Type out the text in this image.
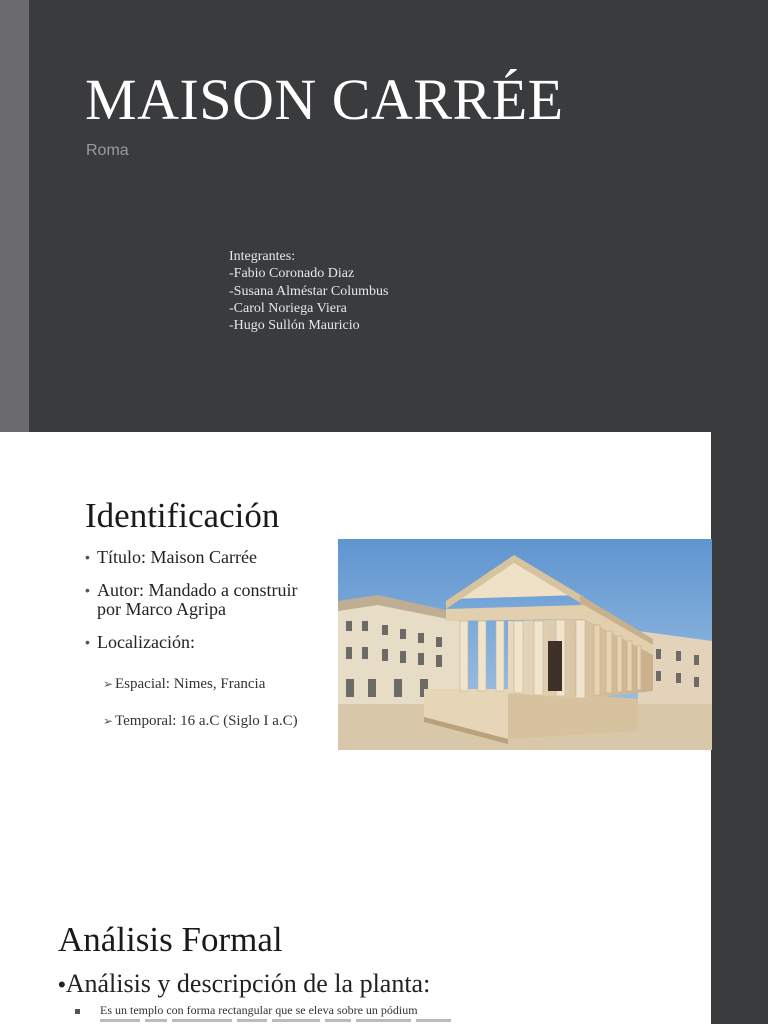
MAISON CARRÉE
Roma
Integrantes:
-Fabio Coronado Diaz
-Susana Alméstar Columbus
-Carol Noriega Viera
-Hugo Sullón Mauricio
Identificación
• Título: Maison Carrée
• Autor: Mandado a construir por Marco Agripa
• Localización:
➢ Espacial: Nimes, Francia
➢ Temporal: 16 a.C (Siglo I a.C)
Análisis Formal
•Análisis y descripción de la planta:
Es un templo con forma rectangular que se eleva sobre un pódium
